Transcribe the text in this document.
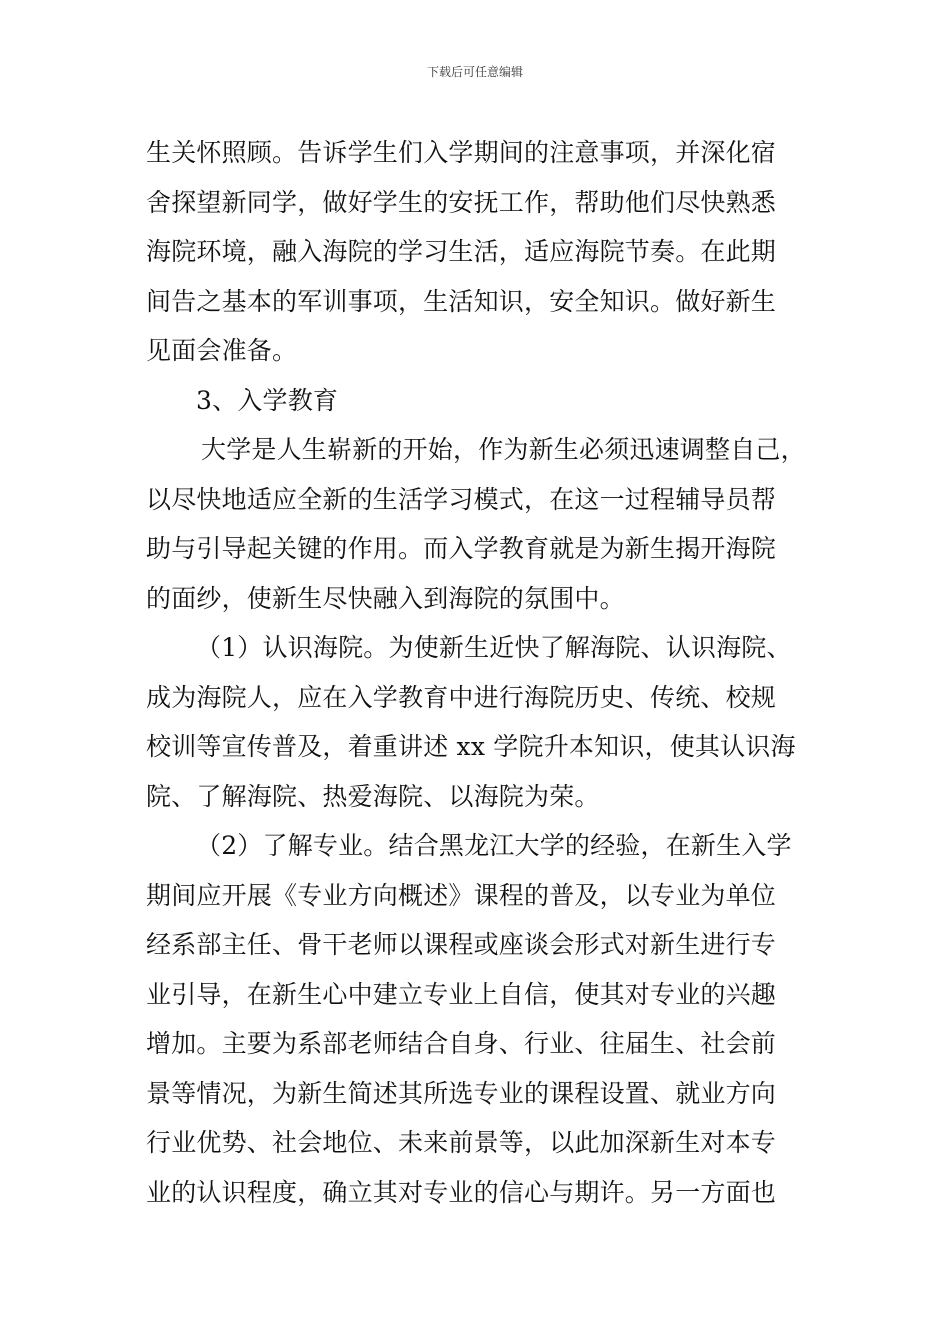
下载后可任意编辑
生关怀照顾。告诉学生们入学期间的注意事项，并深化宿
舍探望新同学，做好学生的安抚工作，帮助他们尽快熟悉
海院环境，融入海院的学习生活，适应海院节奏。在此期
间告之基本的军训事项，生活知识，安全知识。做好新生
见面会准备。
3、入学教育
大学是人生崭新的开始，作为新生必须迅速调整自己，
以尽快地适应全新的生活学习模式，在这一过程辅导员帮
助与引导起关键的作用。而入学教育就是为新生揭开海院
的面纱，使新生尽快融入到海院的氛围中。
（1）认识海院。为使新生近快了解海院、认识海院、
成为海院人，应在入学教育中进行海院历史、传统、校规
校训等宣传普及，着重讲述 xx 学院升本知识，使其认识海
院、了解海院、热爱海院、以海院为荣。
（2）了解专业。结合黑龙江大学的经验，在新生入学
期间应开展《专业方向概述》课程的普及，以专业为单位
经系部主任、骨干老师以课程或座谈会形式对新生进行专
业引导，在新生心中建立专业上自信，使其对专业的兴趣
增加。主要为系部老师结合自身、行业、往届生、社会前
景等情况，为新生简述其所选专业的课程设置、就业方向
行业优势、社会地位、未来前景等，以此加深新生对本专
业的认识程度，确立其对专业的信心与期许。另一方面也
